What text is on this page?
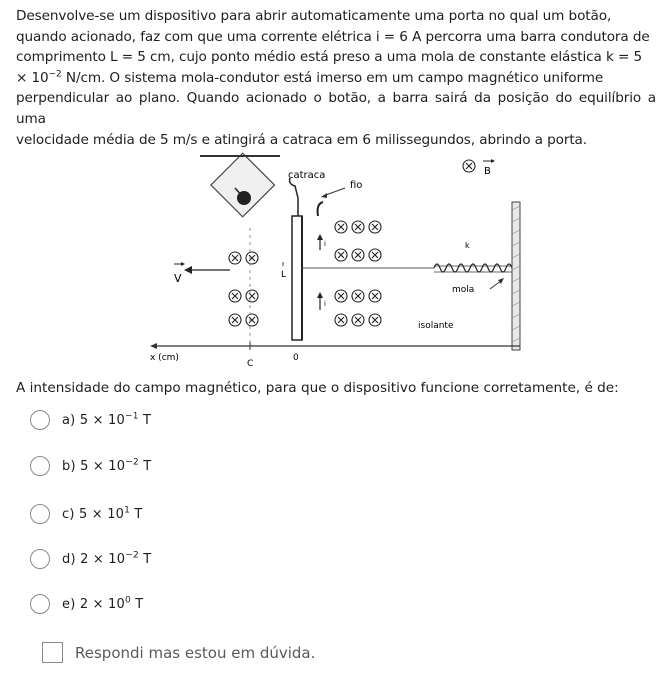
Desenvolve-se um dispositivo para abrir automaticamente uma porta no qual um botão,

quando acionado, faz com que uma corrente elétrica i = 6 A percorra uma barra condutora de

comprimento L = 5 cm, cujo ponto médio está preso a uma mola de constante elástica k = 5

× $10^{-2}$ N/cm. O sistema mola-condutor está imerso em um campo magnético uniforme

perpendicular ao plano. Quando acionado o botão, a barra sairá da posição do equilíbrio a uma

velocidade média de 5 m/s e atingirá a catraca em 6 milissegundos, abrindo a porta.

catraca
fio
B
V	L
i
i
k
mola
isolante
x (cm)
C
0
A intensidade do campo magnético, para que o dispositivo funcione corretamente, é de:
a) $5 \times 10^{-1}$ T
b) $5 \times 10^{-2}$ T
c) $5 \times 10^1$ T
d) $2 \times 10^{-2}$ T
e) $2 \times 10^0$ T
Respondi mas estou em dúvida.
